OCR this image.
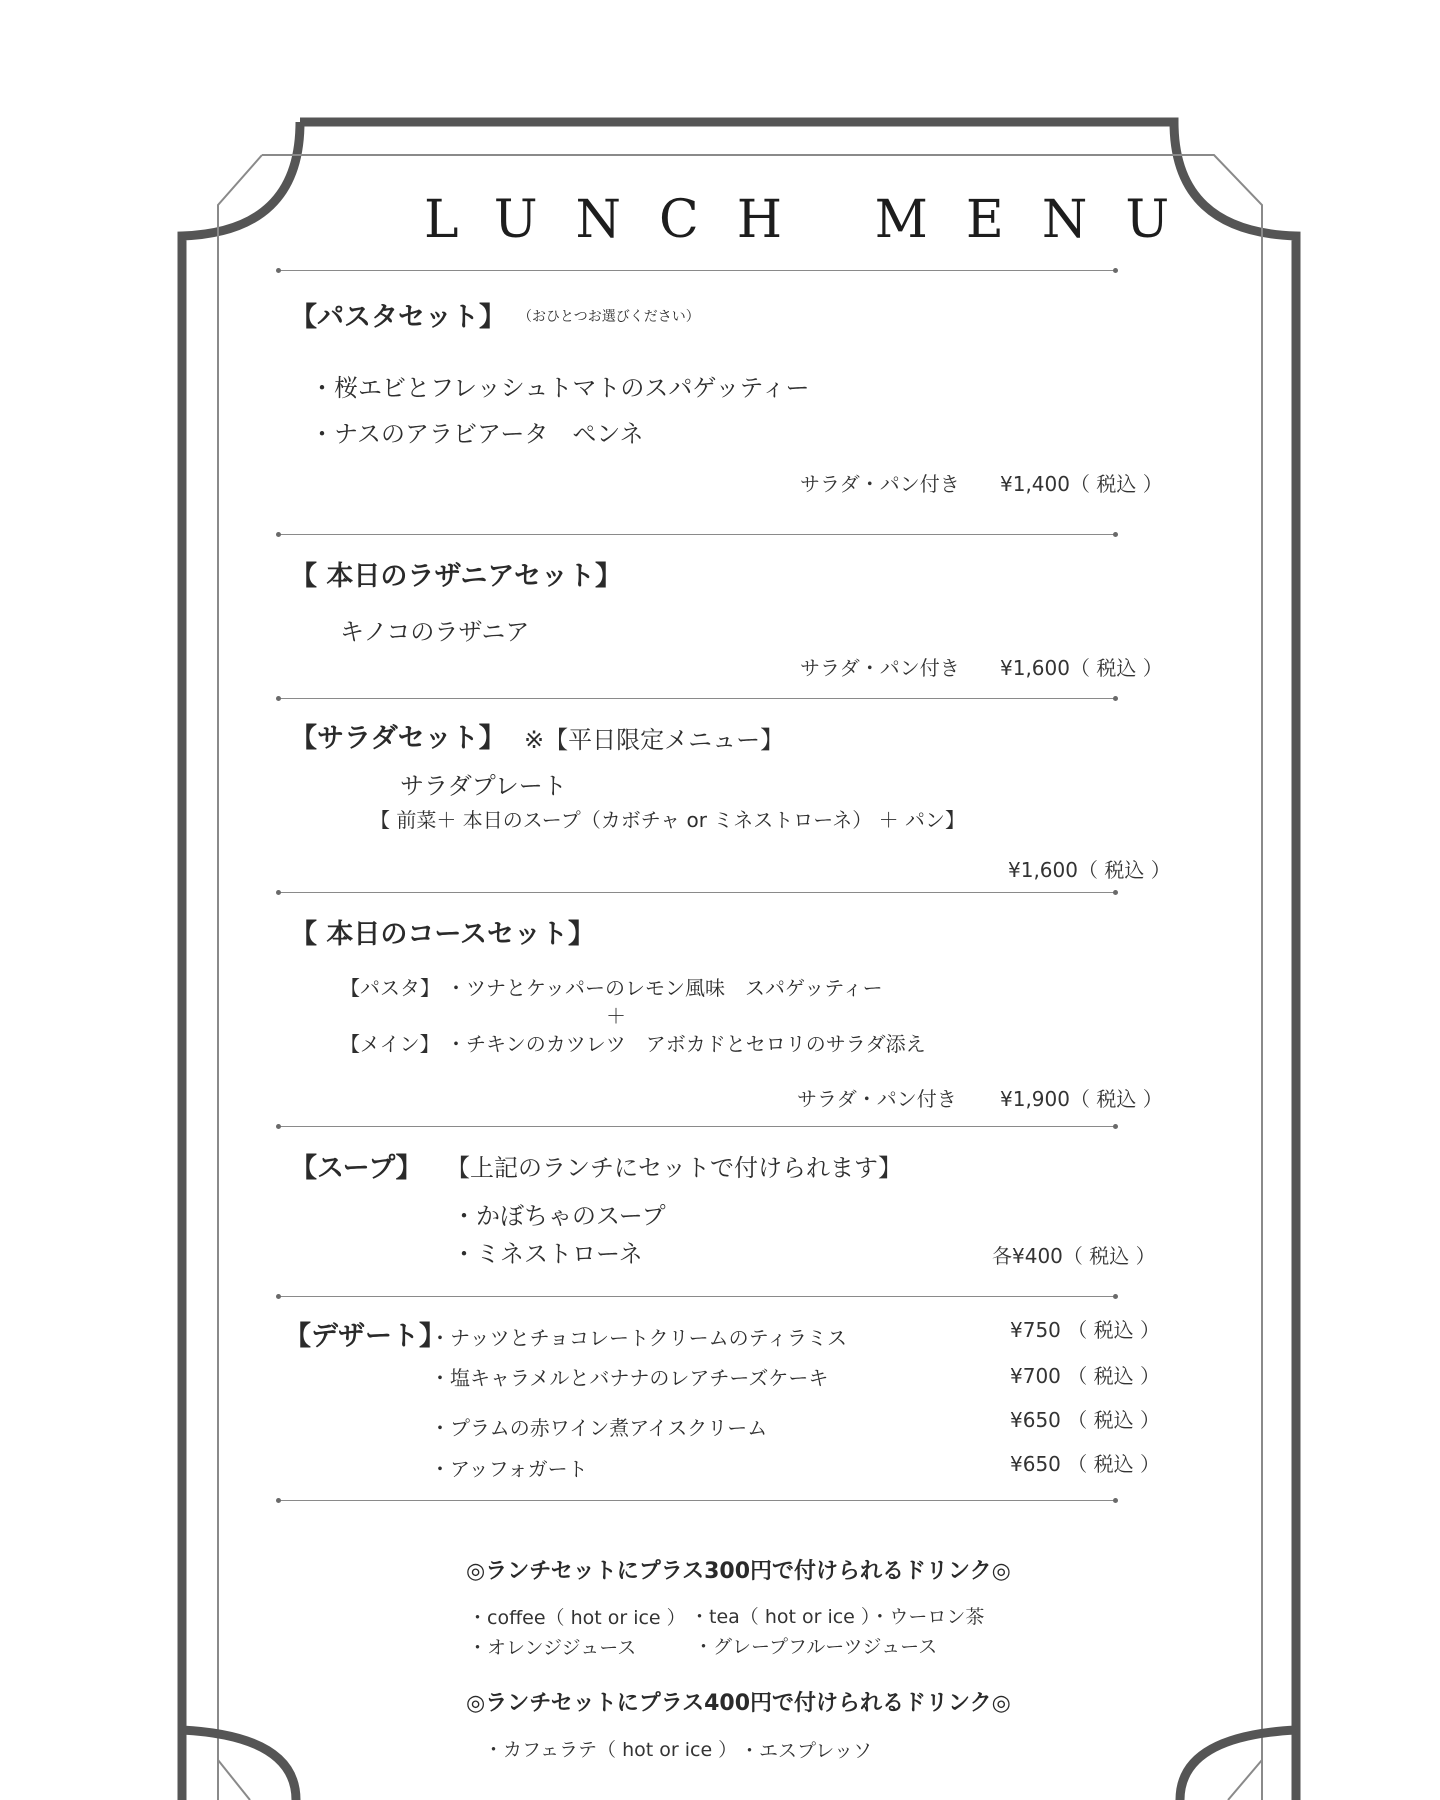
LUNCH MENU
【パスタセット】 （おひとつお選びください）
・桜エビとフレッシュトマトのスパゲッティー
・ナスのアラビアータ　ペンネ
サラダ・パン付き ¥1,400（ 税込 ）
【 本日のラザニアセット】
キノコのラザニア
サラダ・パン付き ¥1,600（ 税込 ）
【サラダセット】 ※【平日限定メニュー】
サラダプレート
【 前菜＋ 本日のスープ（カボチャ or ミネストローネ） ＋ パン】
¥1,600（ 税込 ）
【 本日のコースセット】
【パスタ】 ・ツナとケッパーのレモン風味　スパゲッティー
＋
【メイン】 ・チキンのカツレツ　アボカドとセロリのサラダ添え
サラダ・パン付き ¥1,900（ 税込 ）
【スープ】 【上記のランチにセットで付けられます】
・かぼちゃのスープ
・ミネストローネ	各¥400（ 税込 ）
【デザート】
・ナッツとチョコレートクリームのティラミス	¥750 （ 税込 ）
・塩キャラメルとバナナのレアチーズケーキ	¥700 （ 税込 ）
・プラムの赤ワイン煮アイスクリーム	¥650 （ 税込 ）
・アッフォガート	¥650 （ 税込 ）
◎ランチセットにプラス300円で付けられるドリンク◎
・coffee（ hot or ice ） ・tea（ hot or ice ）・ウーロン茶
・オレンジジュース	・グレープフルーツジュース
◎ランチセットにプラス400円で付けられるドリンク◎
・カフェラテ（ hot or ice ） ・エスプレッソ
